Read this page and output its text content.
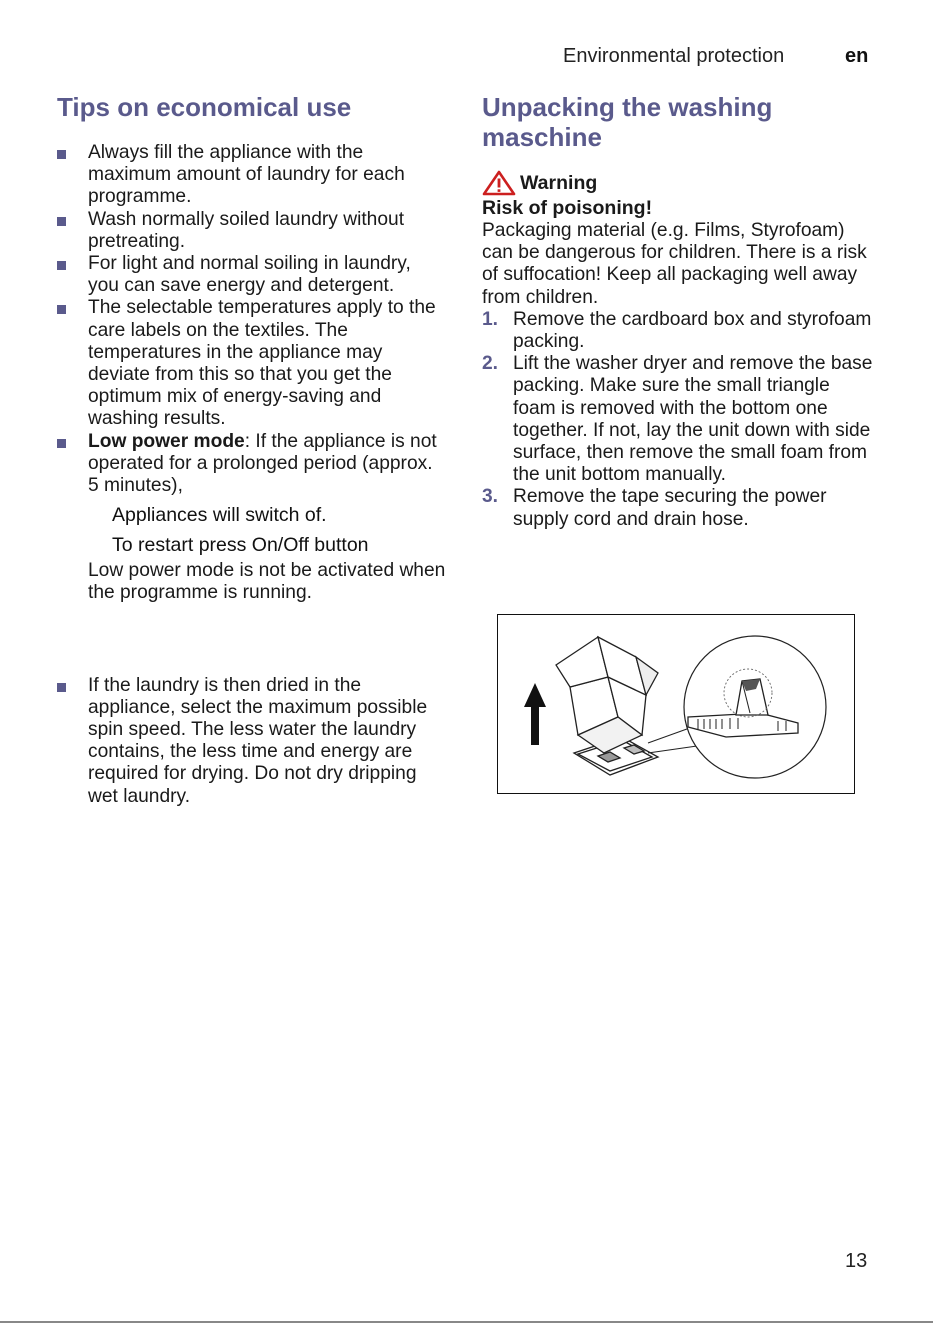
Environmental protection	en
Tips on economical use
Always fill the appliance with the maximum amount of laundry for each programme.
Wash normally soiled laundry without pretreating.
For light and normal soiling in laundry, you can save energy and detergent.
The selectable temperatures apply to the care labels on the textiles. The temperatures in the appliance may deviate from this so that you get the optimum mix of energy-saving and washing results.
Low power mode: If the appliance is not operated for a prolonged period (approx. 5 minutes),
Appliances will switch of.
To restart press On/Off button
Low power mode is not be activated when the programme is running.
If the laundry is then dried in the appliance, select the maximum possible spin speed. The less water the laundry contains, the less time and energy are required for drying. Do not dry dripping wet laundry.
Unpacking the washing maschine
Warning
Risk of poisoning!
Packaging material (e.g. Films, Styrofoam) can be dangerous for children. There is a risk of suffocation! Keep all packaging well away from children.
1. Remove the cardboard box and styrofoam packing.
2. Lift the washer dryer and remove the base packing. Make sure the small triangle foam is removed with the bottom one together. If not, lay the unit down with side surface, then remove the small foam from the unit bottom manually.
3. Remove the tape securing the power supply cord and drain hose.
13
